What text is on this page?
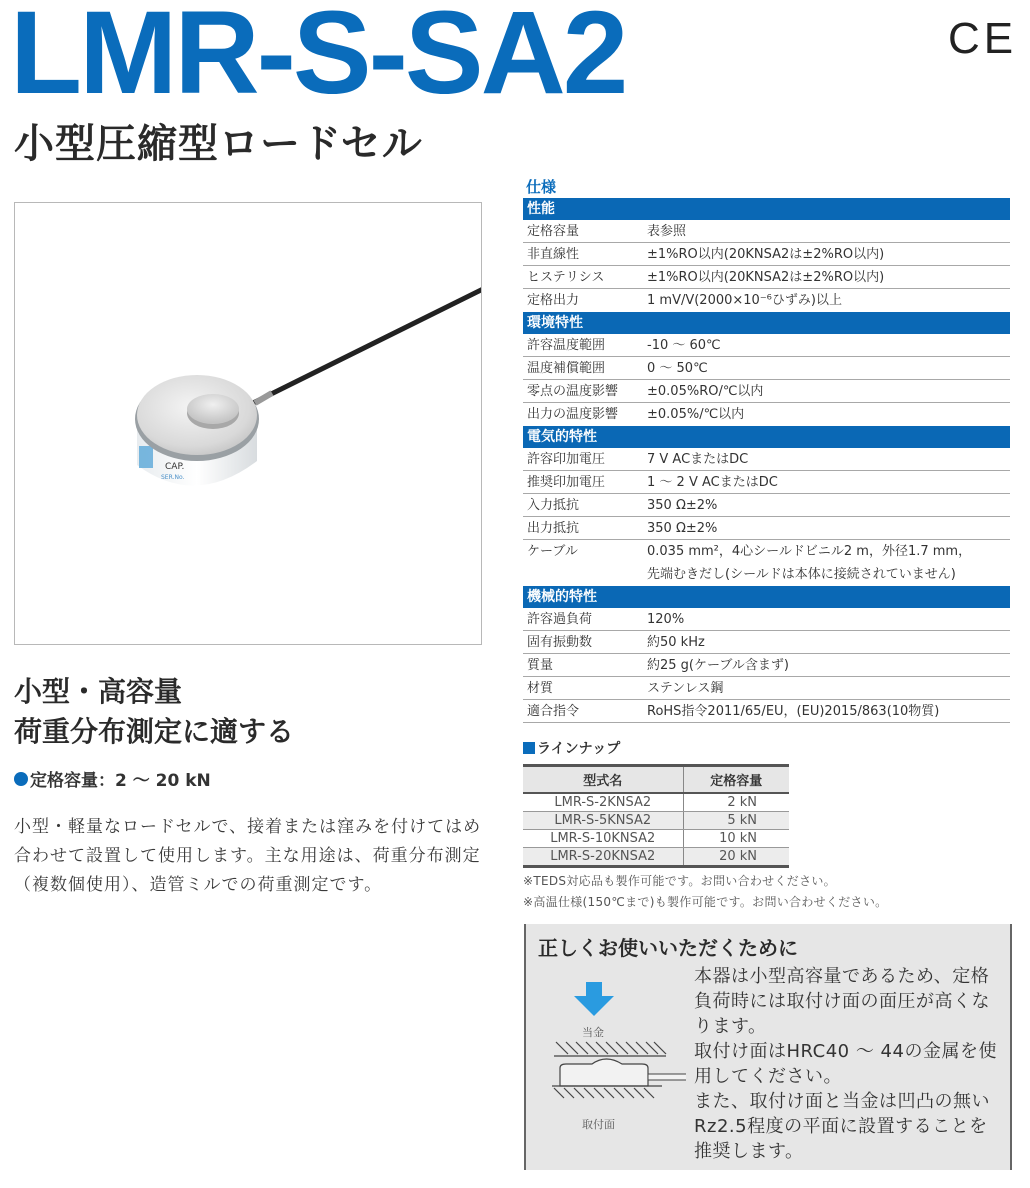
LMR-S-SA2	CE
小型圧縮型ロードセル
CAP.
SER.No.
小型・高容量
荷重分布測定に適する
定格容量：2 ～ 20 kN
小型・軽量なロードセルで、接着または窪みを付けてはめ合わせて設置して使用します。主な用途は、荷重分布測定（複数個使用）、造管ミルでの荷重測定です。
仕様
性能
定格容量	表参照
非直線性	±1%RO以内(20KNSA2は±2%RO以内)
ヒステリシス	±1%RO以内(20KNSA2は±2%RO以内)
定格出力	1 mV/V(2000×10⁻⁶ひずみ)以上
環境特性
許容温度範囲	-10 ～ 60℃
温度補償範囲	0 ～ 50℃
零点の温度影響	±0.05%RO/℃以内
出力の温度影響	±0.05%/℃以内
電気的特性
許容印加電圧	7 V ACまたはDC
推奨印加電圧	1 ～ 2 V ACまたはDC
入力抵抗	350 Ω±2%
出力抵抗	350 Ω±2%
ケーブル	0.035 mm²，4心シールドビニル2 m，外径1.7 mm，
先端むきだし(シールドは本体に接続されていません)
機械的特性
許容過負荷	120%
固有振動数	約50 kHz
質量	約25 g(ケーブル含まず)
材質	ステンレス鋼
適合指令	RoHS指令2011/65/EU，(EU)2015/863(10物質)
ラインナップ
型式名	定格容量
LMR-S-2KNSA2	2 kN
LMR-S-5KNSA2	5 kN
LMR-S-10KNSA2	10 kN
LMR-S-20KNSA2	20 kN
※TEDS対応品も製作可能です。お問い合わせください。
※高温仕様(150℃まで)も製作可能です。お問い合わせください。
正しくお使いいただくために
当金
取付面
本器は小型高容量であるため、定格
負荷時には取付け面の面圧が高くな
ります。
取付け面はHRC40 ～ 44の金属を使
用してください。
また、取付け面と当金は凹凸の無い
Rz2.5程度の平面に設置することを
推奨します。
